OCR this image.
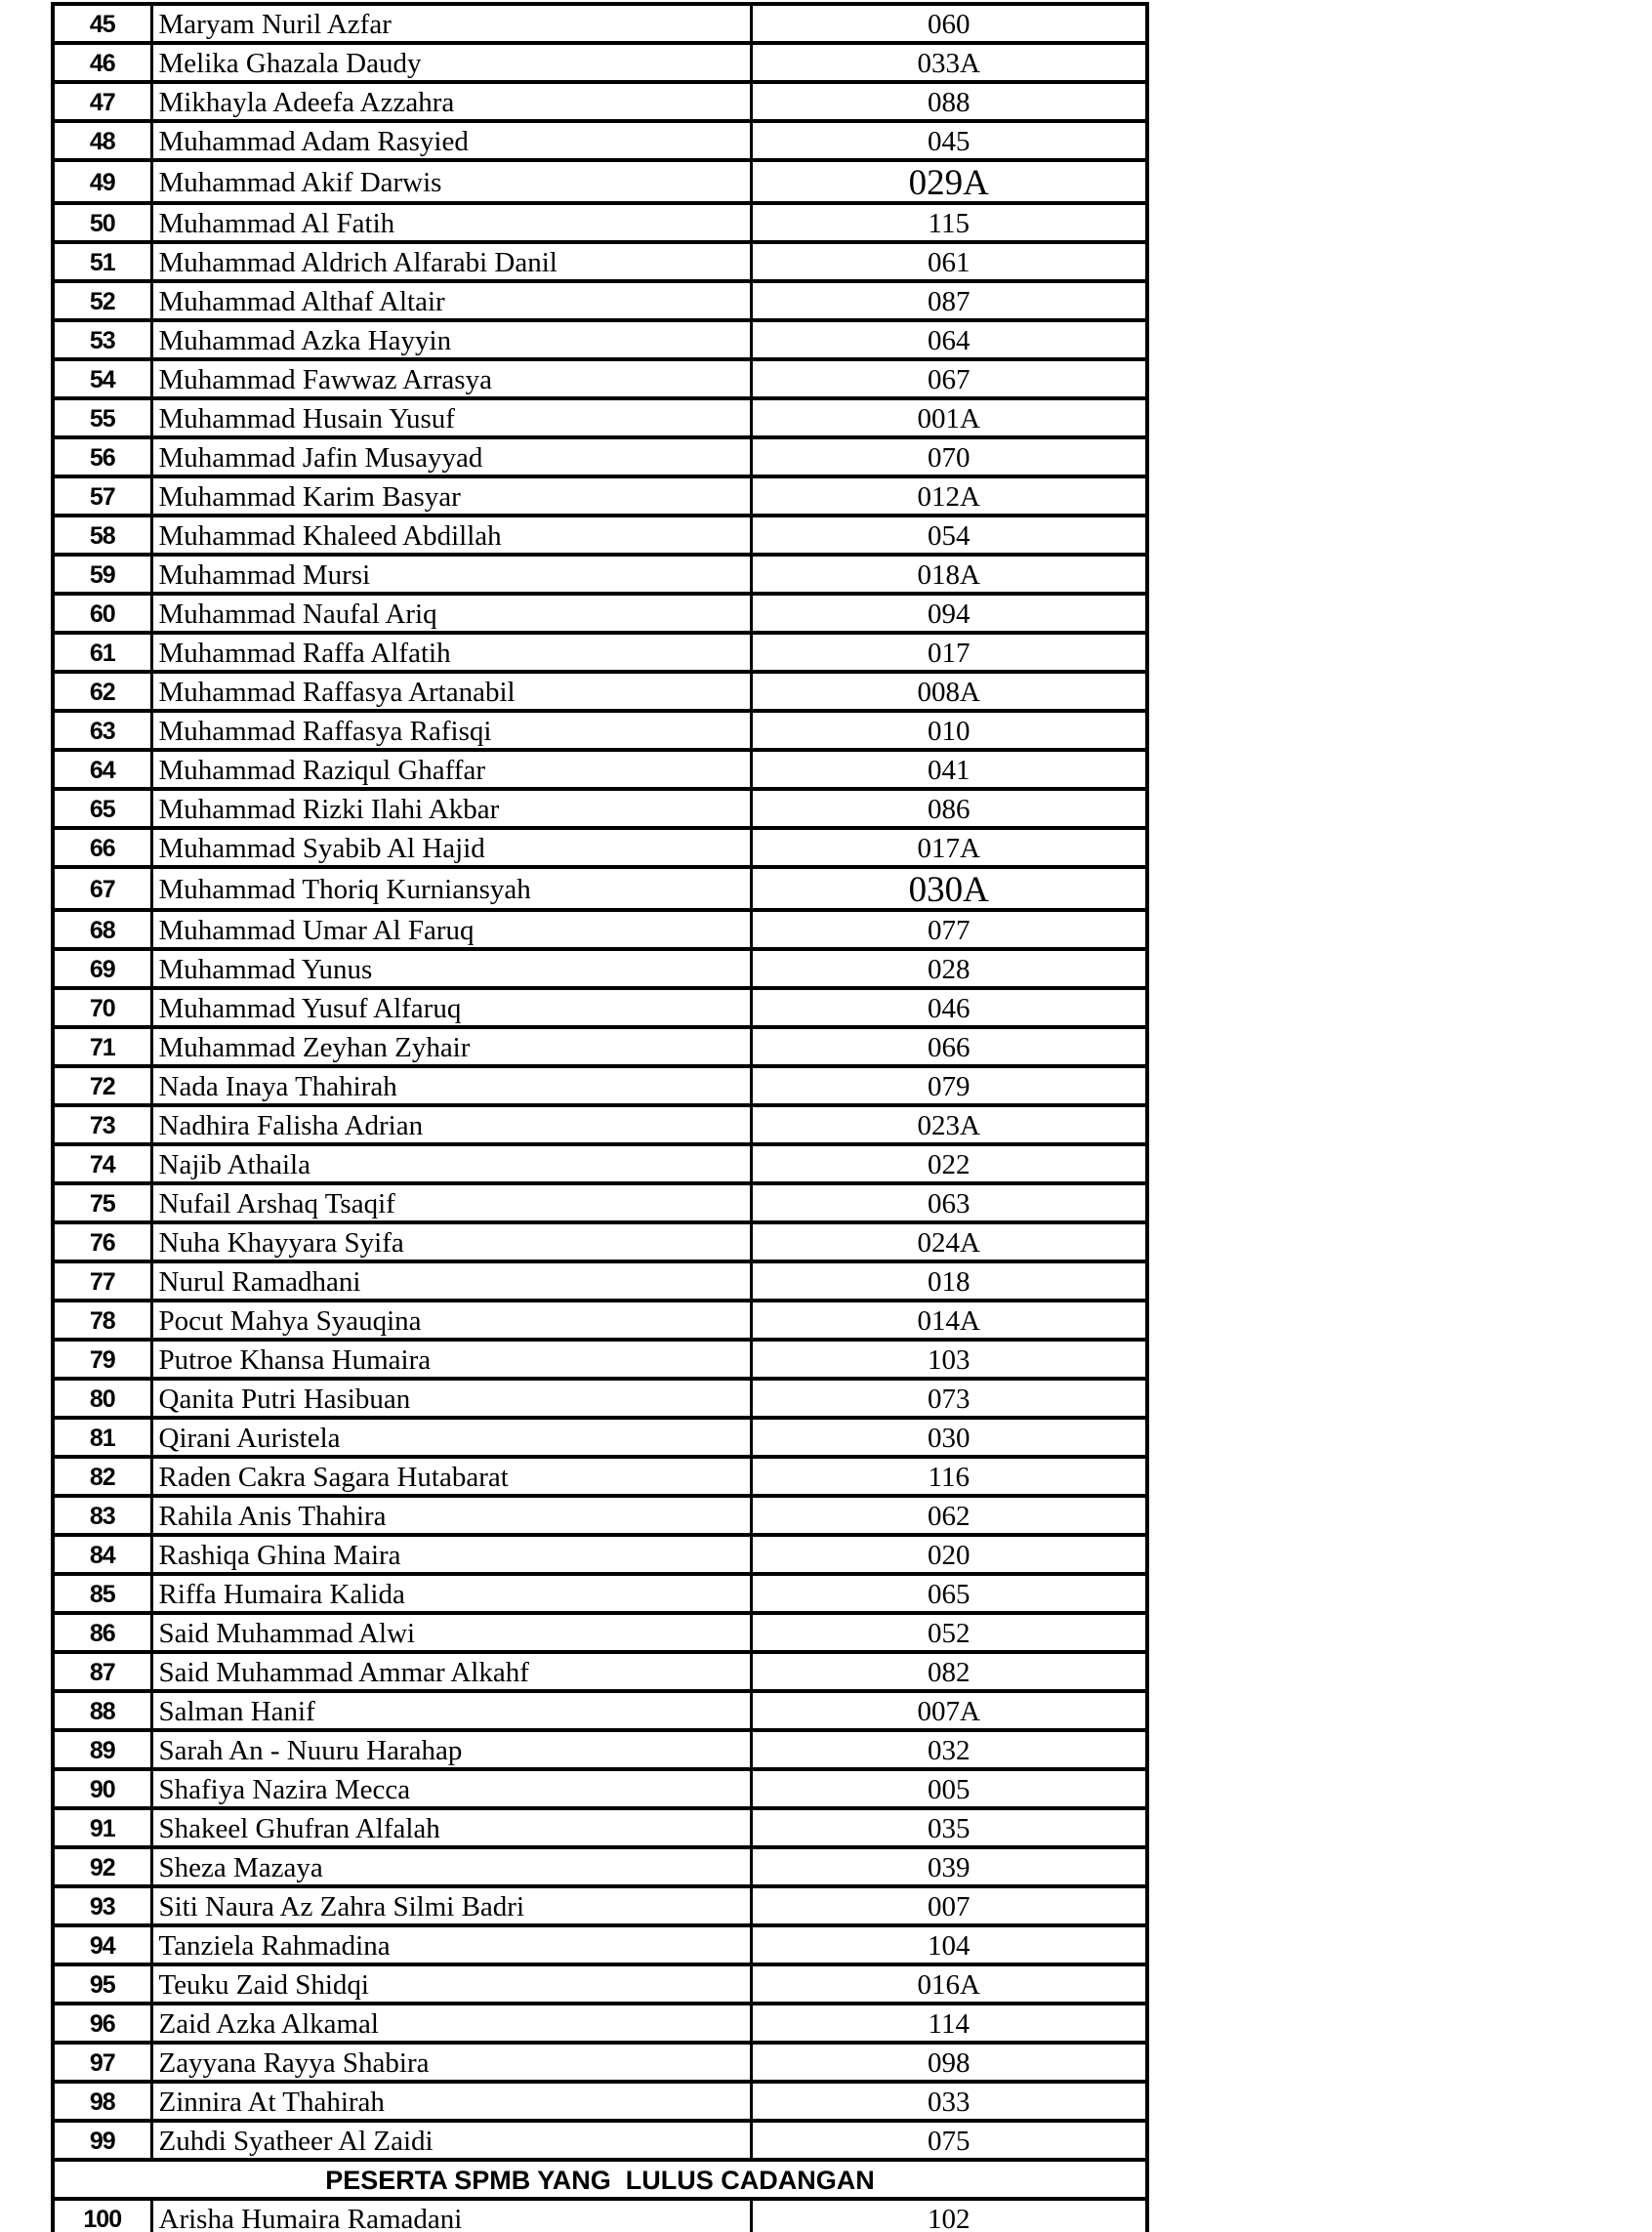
45	Maryam Nuril Azfar	060
46	Melika Ghazala Daudy	033A
47	Mikhayla Adeefa Azzahra	088
48	Muhammad Adam Rasyied	045
49	Muhammad Akif Darwis	029A
50	Muhammad Al Fatih	115
51	Muhammad Aldrich Alfarabi Danil	061
52	Muhammad Althaf Altair	087
53	Muhammad Azka Hayyin	064
54	Muhammad Fawwaz Arrasya	067
55	Muhammad Husain Yusuf	001A
56	Muhammad Jafin Musayyad	070
57	Muhammad Karim Basyar	012A
58	Muhammad Khaleed Abdillah	054
59	Muhammad Mursi	018A
60	Muhammad Naufal Ariq	094
61	Muhammad Raffa Alfatih	017
62	Muhammad Raffasya Artanabil	008A
63	Muhammad Raffasya Rafisqi	010
64	Muhammad Raziqul Ghaffar	041
65	Muhammad Rizki Ilahi Akbar	086
66	Muhammad Syabib Al Hajid	017A
67	Muhammad Thoriq Kurniansyah	030A
68	Muhammad Umar Al Faruq	077
69	Muhammad Yunus	028
70	Muhammad Yusuf Alfaruq	046
71	Muhammad Zeyhan Zyhair	066
72	Nada Inaya Thahirah	079
73	Nadhira Falisha Adrian	023A
74	Najib Athaila	022
75	Nufail Arshaq Tsaqif	063
76	Nuha Khayyara Syifa	024A
77	Nurul Ramadhani	018
78	Pocut Mahya Syauqina	014A
79	Putroe Khansa Humaira	103
80	Qanita Putri Hasibuan	073
81	Qirani Auristela	030
82	Raden Cakra Sagara Hutabarat	116
83	Rahila Anis Thahira	062
84	Rashiqa Ghina Maira	020
85	Riffa Humaira Kalida	065
86	Said Muhammad Alwi	052
87	Said Muhammad Ammar Alkahf	082
88	Salman Hanif	007A
89	Sarah An - Nuuru Harahap	032
90	Shafiya Nazira Mecca	005
91	Shakeel Ghufran Alfalah	035
92	Sheza Mazaya	039
93	Siti Naura Az Zahra Silmi Badri	007
94	Tanziela Rahmadina	104
95	Teuku Zaid Shidqi	016A
96	Zaid Azka Alkamal	114
97	Zayyana Rayya Shabira	098
98	Zinnira At Thahirah	033
99	Zuhdi Syatheer Al Zaidi	075
PESERTA SPMB YANG  LULUS CADANGAN		
100	Arisha Humaira Ramadani	102
